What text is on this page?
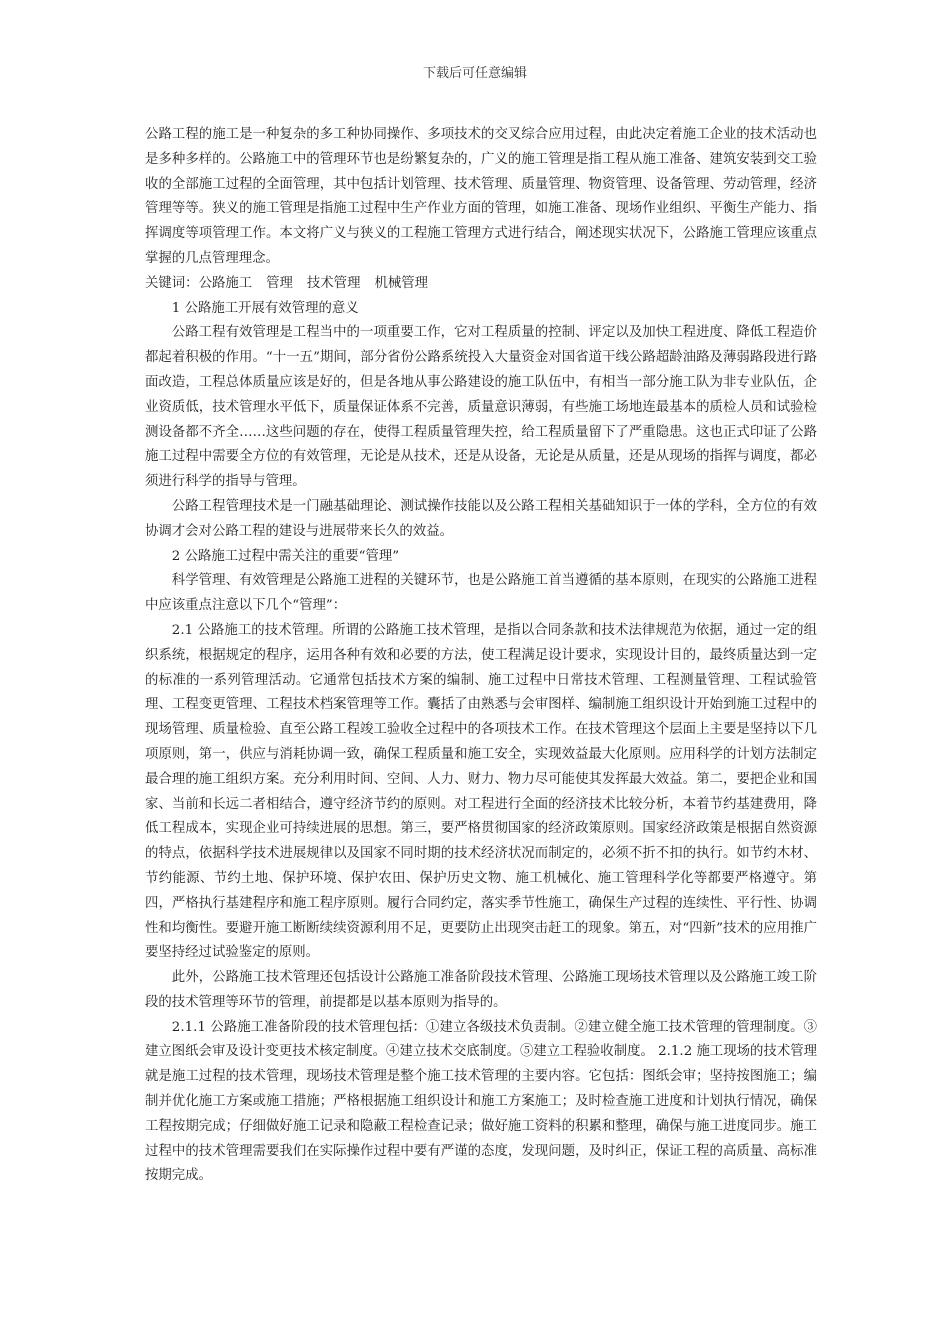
下载后可任意编辑

公路工程的施工是一种复杂的多工种协同操作、多项技术的交叉综合应用过程，由此决定着施工企业的技术活动也是多种多样的。公路施工中的管理环节也是纷繁复杂的，广义的施工管理是指工程从施工准备、建筑安装到交工验收的全部施工过程的全面管理，其中包括计划管理、技术管理、质量管理、物资管理、设备管理、劳动管理，经济管理等等。狭义的施工管理是指施工过程中生产作业方面的管理，如施工准备、现场作业组织、平衡生产能力、指挥调度等项管理工作。本文将广义与狭义的工程施工管理方式进行结合，阐述现实状况下，公路施工管理应该重点掌握的几点管理理念。

关键词：公路施工 管理 技术管理 机械管理

1 公路施工开展有效管理的意义

公路工程有效管理是工程当中的一项重要工作，它对工程质量的控制、评定以及加快工程进度、降低工程造价都起着积极的作用。“十一五”期间，部分省份公路系统投入大量资金对国省道干线公路超龄油路及薄弱路段进行路面改造，工程总体质量应该是好的，但是各地从事公路建设的施工队伍中，有相当一部分施工队为非专业队伍，企业资质低，技术管理水平低下，质量保证体系不完善，质量意识薄弱，有些施工场地连最基本的质检人员和试验检测设备都不齐全……这些问题的存在，使得工程质量管理失控，给工程质量留下了严重隐患。这也正式印证了公路施工过程中需要全方位的有效管理，无论是从技术，还是从设备，无论是从质量，还是从现场的指挥与调度，都必须进行科学的指导与管理。

公路工程管理技术是一门融基础理论、测试操作技能以及公路工程相关基础知识于一体的学科，全方位的有效协调才会对公路工程的建设与进展带来长久的效益。

2 公路施工过程中需关注的重要“管理”

科学管理、有效管理是公路施工进程的关键环节，也是公路施工首当遵循的基本原则，在现实的公路施工进程中应该重点注意以下几个“管理”：

2.1 公路施工的技术管理。所谓的公路施工技术管理，是指以合同条款和技术法律规范为依据，通过一定的组织系统，根据规定的程序，运用各种有效和必要的方法，使工程满足设计要求，实现设计目的，最终质量达到一定的标准的一系列管理活动。它通常包括技术方案的编制、施工过程中日常技术管理、工程测量管理、工程试验管理、工程变更管理、工程技术档案管理等工作。囊括了由熟悉与会审图样、编制施工组织设计开始到施工过程中的现场管理、质量检验、直至公路工程竣工验收全过程中的各项技术工作。在技术管理这个层面上主要是坚持以下几项原则，第一，供应与消耗协调一致，确保工程质量和施工安全，实现效益最大化原则。应用科学的计划方法制定最合理的施工组织方案。充分利用时间、空间、人力、财力、物力尽可能使其发挥最大效益。第二，要把企业和国家、当前和长远二者相结合，遵守经济节约的原则。对工程进行全面的经济技术比较分析，本着节约基建费用，降低工程成本，实现企业可持续进展的思想。第三，要严格贯彻国家的经济政策原则。国家经济政策是根据自然资源的特点，依据科学技术进展规律以及国家不同时期的技术经济状况而制定的，必须不折不扣的执行。如节约木材、节约能源、节约土地、保护环境、保护农田、保护历史文物、施工机械化、施工管理科学化等都要严格遵守。第四，严格执行基建程序和施工程序原则。履行合同约定，落实季节性施工，确保生产过程的连续性、平行性、协调性和均衡性。要避开施工断断续续资源利用不足，更要防止出现突击赶工的现象。第五，对“四新”技术的应用推广要坚持经过试验鉴定的原则。

此外，公路施工技术管理还包括设计公路施工准备阶段技术管理、公路施工现场技术管理以及公路施工竣工阶段的技术管理等环节的管理，前提都是以基本原则为指导的。

2.1.1 公路施工准备阶段的技术管理包括：①建立各级技术负责制。②建立健全施工技术管理的管理制度。③建立图纸会审及设计变更技术核定制度。④建立技术交底制度。⑤建立工程验收制度。 2.1.2 施工现场的技术管理就是施工过程的技术管理，现场技术管理是整个施工技术管理的主要内容。它包括：图纸会审；坚持按图施工；编制并优化施工方案或施工措施；严格根据施工组织设计和施工方案施工；及时检查施工进度和计划执行情况，确保工程按期完成；仔细做好施工记录和隐蔽工程检查记录；做好施工资料的积累和整理，确保与施工进度同步。施工过程中的技术管理需要我们在实际操作过程中要有严谨的态度，发现问题，及时纠正，保证工程的高质量、高标准按期完成。
